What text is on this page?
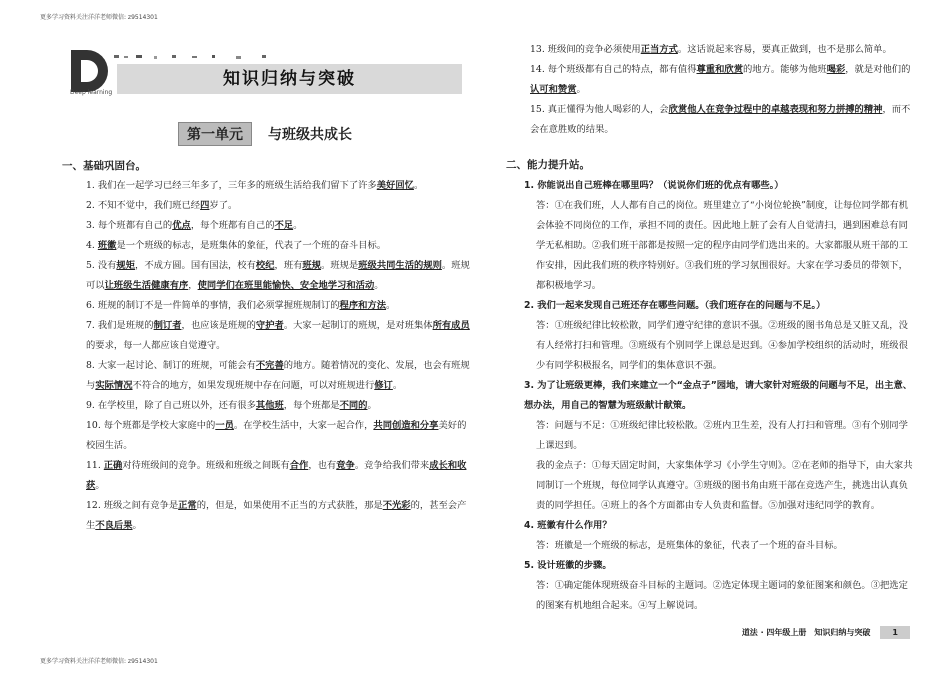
更多学习资料关注洋洋老师微信: z9514301
更多学习资料关注洋洋老师微信: z9514301
Deep learning
知识归纳与突破
第一单元 与班级共成长
一、基础巩固台。
1. 我们在一起学习已经三年多了，三年多的班级生活给我们留下了许多美好回忆。
2. 不知不觉中，我们班已经四岁了。
3. 每个班都有自己的优点，每个班都有自己的不足。
4. 班徽是一个班级的标志，是班集体的象征，代表了一个班的奋斗目标。
5. 没有规矩，不成方圆。国有国法，校有校纪，班有班规。班规是班级共同生活的规则。班规可以让班级生活健康有序，使同学们在班里能愉快、安全地学习和活动。
6. 班规的制订不是一件简单的事情，我们必须掌握班规制订的程序和方法。
7. 我们是班规的制订者，也应该是班规的守护者。大家一起制订的班规，是对班集体所有成员的要求，每一人都应该自觉遵守。
8. 大家一起讨论、制订的班规，可能会有不完善的地方。随着情况的变化、发展，也会有班规与实际情况不符合的地方，如果发现班规中存在问题，可以对班规进行修订。
9. 在学校里，除了自己班以外，还有很多其他班，每个班都是不同的。
10. 每个班都是学校大家庭中的一员。在学校生活中，大家一起合作，共同创造和分享美好的校园生活。
11. 正确对待班级间的竞争。班级和班级之间既有合作，也有竞争。竞争给我们带来成长和收获。
12. 班级之间有竞争是正常的，但是，如果使用不正当的方式获胜，那是不光彩的，甚至会产生不良后果。
13. 班级间的竞争必须使用正当方式。这话说起来容易，要真正做到，也不是那么简单。
14. 每个班级都有自己的特点，都有值得尊重和欣赏的地方。能够为他班喝彩，就是对他们的认可和赞赏。
15. 真正懂得为他人喝彩的人，会欣赏他人在竞争过程中的卓越表现和努力拼搏的精神，而不会在意胜败的结果。
二、能力提升站。
1. 你能说出自己班棒在哪里吗？（说说你们班的优点有哪些。）
答：①在我们班，人人都有自己的岗位。班里建立了“小岗位轮换”制度，让每位同学都有机会体验不同岗位的工作，承担不同的责任。因此地上脏了会有人自觉清扫，遇到困难总有同学无私相助。②我们班干部都是按照一定的程序由同学们选出来的。大家都服从班干部的工作安排，因此我们班的秩序特别好。③我们班的学习氛围很好。大家在学习委员的带领下，都积极地学习。
2. 我们一起来发现自己班还存在哪些问题。（我们班存在的问题与不足。）
答：①班级纪律比较松散，同学们遵守纪律的意识不强。②班级的图书角总是又脏又乱，没有人经常打扫和管理。③班级有个别同学上课总是迟到。④参加学校组织的活动时，班级很少有同学积极报名，同学们的集体意识不强。
3. 为了让班级更棒，我们来建立一个“金点子”园地，请大家针对班级的问题与不足，出主意、想办法，用自己的智慧为班级献计献策。
答：问题与不足：①班级纪律比较松散。②班内卫生差，没有人打扫和管理。③有个别同学上课迟到。
我的金点子：①每天固定时间，大家集体学习《小学生守则》。②在老师的指导下，由大家共同制订一个班规，每位同学认真遵守。③班级的图书角由班干部在竞选产生，挑选出认真负责的同学担任。④班上的各个方面都由专人负责和监督。⑤加强对违纪同学的教育。
4. 班徽有什么作用？
答：班徽是一个班级的标志，是班集体的象征，代表了一个班的奋斗目标。
5. 设计班徽的步骤。
答：①确定能体现班级奋斗目标的主题词。②选定体现主题词的象征图案和颜色。③把选定的图案有机地组合起来。④写上解说词。
道法 · 四年级上册　知识归纳与突破	1
